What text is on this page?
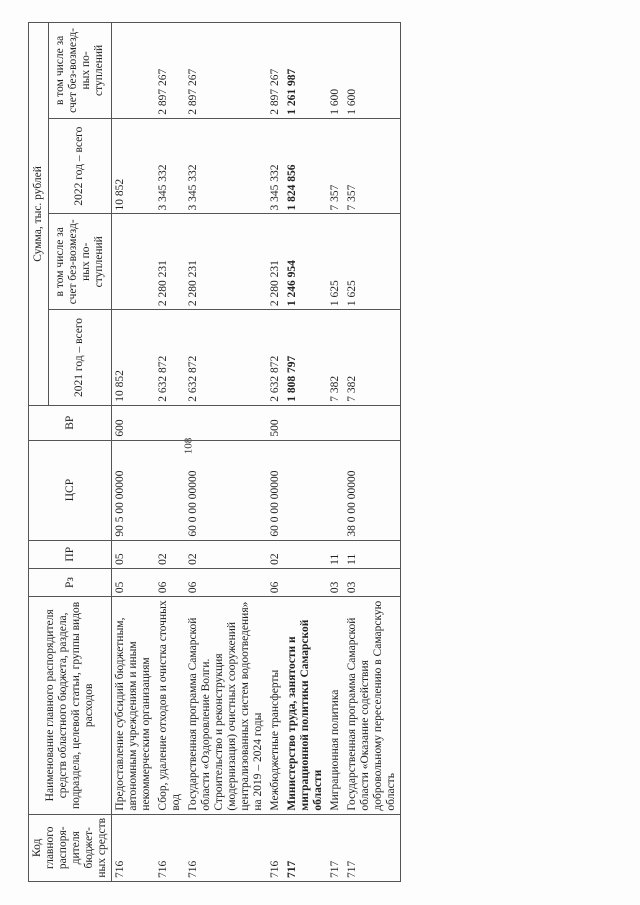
108
Код главного распоря-дителя бюджет-ных средств	Наименование главного распорядителя средств областного бюджета, раздела, подраздела, целевой статьи, группы видов расходов	Рз	ПР	ЦСР	ВР	Сумма, тыс. рублей			
						2021 год – всего	в том числе за счет без-возмезд-ных по-ступлений	2022 год – всего	в том числе за счет без-возмезд-ных по-ступлений
716	Предоставление субсидий бюджетным, автономным учреждениям и иным некоммерческим организациям	05	05	90 5 00 00000	600	10 852		10 852	
716	Сбор, удаление отходов и очистка сточных вод	06	02			2 632 872	2 280 231	3 345 332	2 897 267
716	Государственная программа Самарской области «Оздоровление Волги. Строительство и реконструкция (модернизация) очистных сооружений централизованных систем водоотведения» на 2019 – 2024 годы	06	02	60 0 00 00000		2 632 872	2 280 231	3 345 332	2 897 267
716	Межбюджетные трансферты	06	02	60 0 00 00000	500	2 632 872	2 280 231	3 345 332	2 897 267
717	Министерство труда, занятости и миграционной политики Самарской области					1 808 797	1 246 954	1 824 856	1 261 987
717	Миграционная политика	03	11			7 382	1 625	7 357	1 600
717	Государственная программа Самарской области «Оказание содействия добровольному переселению в Самарскую область	03	11	38 0 00 00000		7 382	1 625	7 357	1 600
